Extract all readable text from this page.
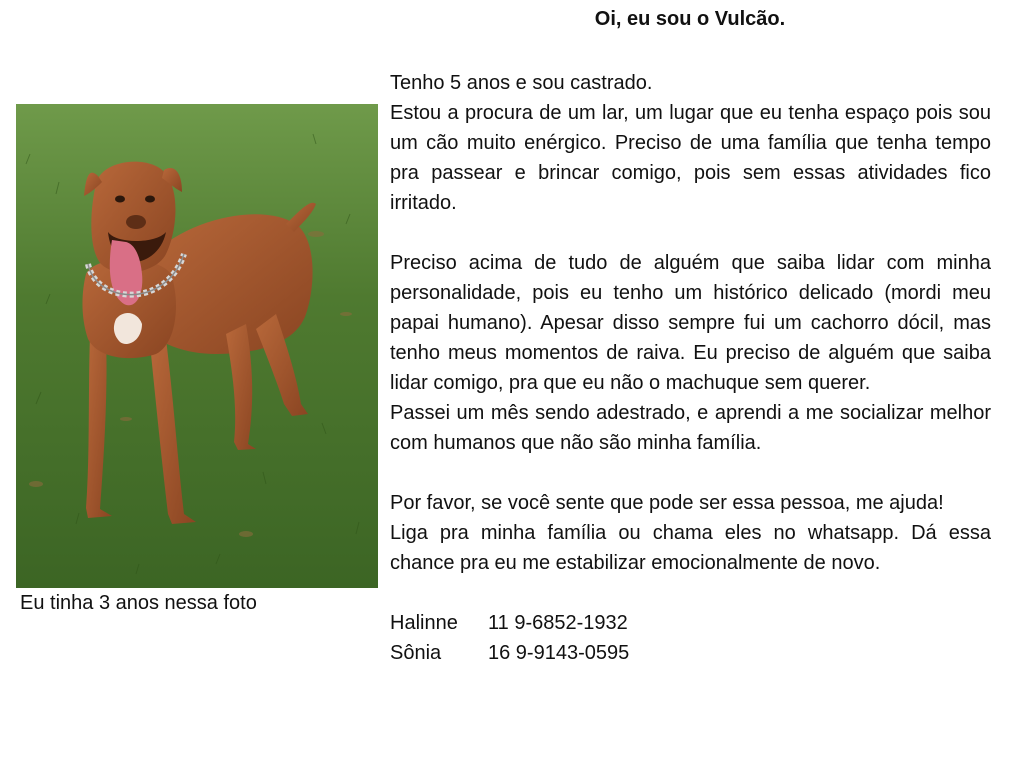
Oi, eu sou o Vulcão.
Eu tinha 3 anos nessa foto

Tenho 5 anos e sou castrado.

Estou a procura de um lar, um lugar que eu tenha espaço pois sou um cão muito enérgico. Preciso de uma família que tenha tempo pra passear e brincar comigo, pois sem essas atividades fico irritado.

Preciso acima de tudo de alguém que saiba lidar com minha personalidade, pois eu tenho um histórico delicado (mordi meu papai humano). Apesar disso sempre fui um cachorro dócil, mas tenho meus momentos de raiva. Eu preciso de alguém que saiba lidar comigo, pra que eu não o machuque sem querer.

Passei um mês sendo adestrado, e aprendi a me socializar melhor com humanos que não são minha família.

Por favor, se você sente que pode ser essa pessoa, me ajuda!

Liga pra minha família ou chama eles no whatsapp. Dá essa chance pra eu me estabilizar emocionalmente de novo.

Halinne	11 9-6852-1932
Sônia	16 9-9143-0595
